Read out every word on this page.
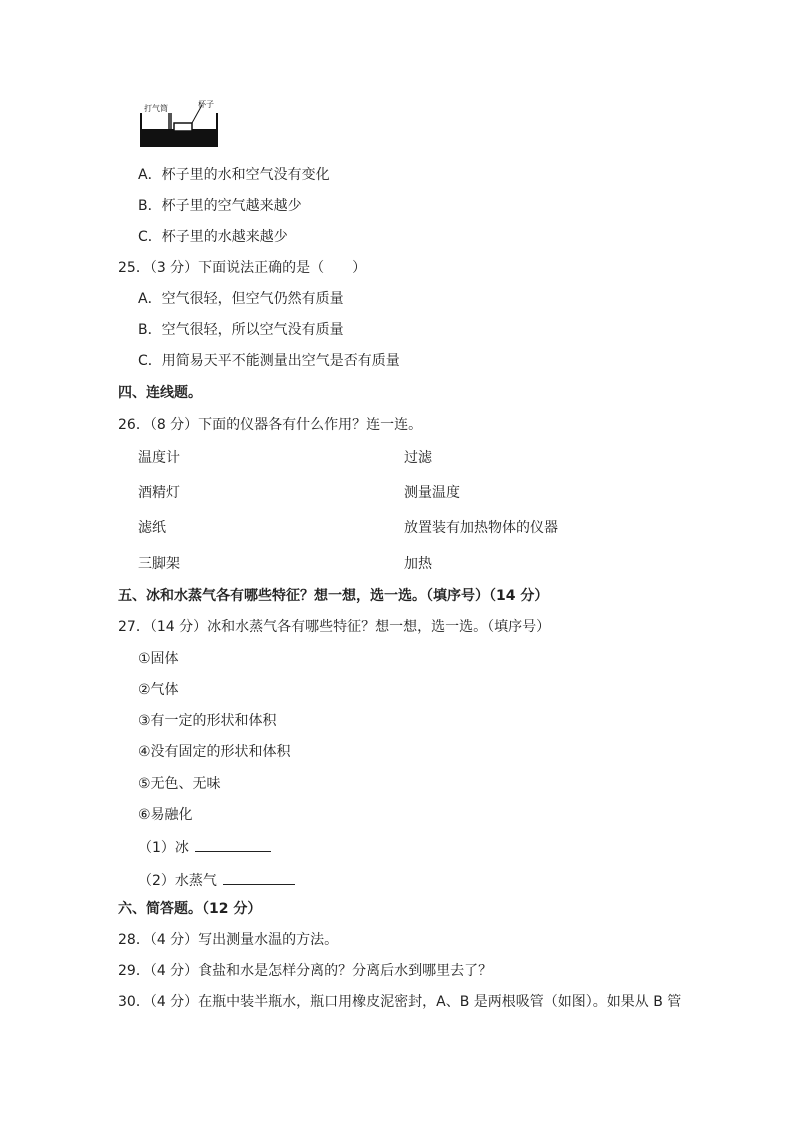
打气筒	杯子
A．杯子里的水和空气没有变化
B．杯子里的空气越来越少
C．杯子里的水越来越少
25．（3 分）下面说法正确的是（　　）
A．空气很轻，但空气仍然有质量
B．空气很轻，所以空气没有质量
C．用简易天平不能测量出空气是否有质量
四、连线题。
26．（8 分）下面的仪器各有什么作用？连一连。
温度计	过滤
酒精灯	测量温度
滤纸	放置装有加热物体的仪器
三脚架	加热
五、冰和水蒸气各有哪些特征？想一想，选一选。（填序号）（14 分）
27．（14 分）冰和水蒸气各有哪些特征？想一想，选一选。（填序号）
①固体
②气体
③有一定的形状和体积
④没有固定的形状和体积
⑤无色、无味
⑥易融化
（1）冰
（2）水蒸气
六、简答题。（12 分）
28．（4 分）写出测量水温的方法。
29．（4 分）食盐和水是怎样分离的？分离后水到哪里去了？
30．（4 分）在瓶中装半瓶水，瓶口用橡皮泥密封，A、B 是两根吸管（如图）。如果从 B 管
